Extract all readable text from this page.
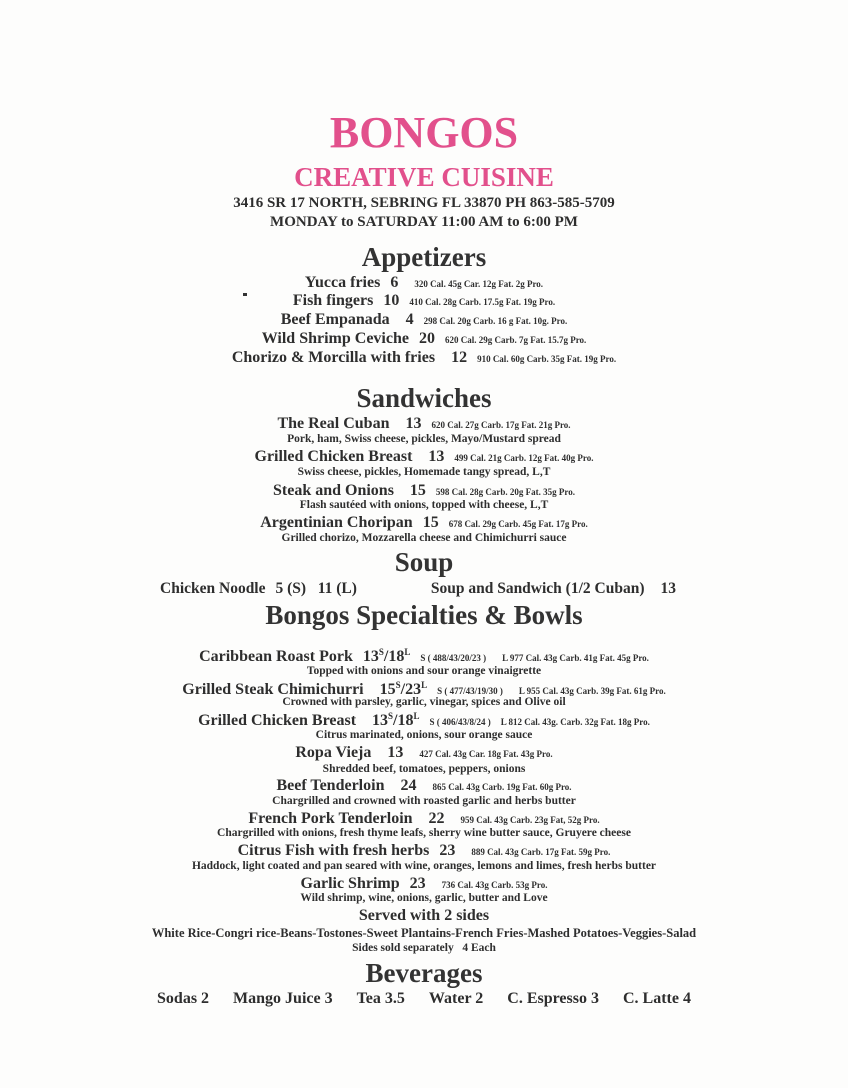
BONGOS
CREATIVE CUISINE
3416 SR 17 NORTH, SEBRING FL 33870 PH 863-585-5709
MONDAY to SATURDAY 11:00 AM to 6:00 PM
Appetizers
Yucca fries 6 320 Cal. 45g Car. 12g Fat. 2g Pro.
Fish fingers 10 410 Cal. 28g Carb. 17.5g Fat. 19g Pro.
Beef Empanada 4 298 Cal. 20g Carb. 16 g Fat. 10g. Pro.
Wild Shrimp Ceviche 20 620 Cal. 29g Carb. 7g Fat. 15.7g Pro.
Chorizo & Morcilla with fries 12 910 Cal. 60g Carb. 35g Fat. 19g Pro.
Sandwiches
The Real Cuban 13 620 Cal. 27g Carb. 17g Fat. 21g Pro.
Pork, ham, Swiss cheese, pickles, Mayo/Mustard spread
Grilled Chicken Breast 13 499 Cal. 21g Carb. 12g Fat. 40g Pro.
Swiss cheese, pickles, Homemade tangy spread, L,T
Steak and Onions 15 598 Cal. 28g Carb. 20g Fat. 35g Pro.
Flash sautéed with onions, topped with cheese, L,T
Argentinian Choripan 15 678 Cal. 29g Carb. 45g Fat. 17g Pro.
Grilled chorizo, Mozzarella cheese and Chimichurri sauce
Soup
Chicken Noodle 5 (S)   11 (L)	Soup and Sandwich (1/2 Cuban) 13
Bongos Specialties & Bowls
Caribbean Roast Pork $13^S/18^LS$ ( 488/43/20/23 ) L 977 Cal. 43g Carb. 41g Fat. 45g Pro.
Topped with onions and sour orange vinaigrette
Grilled Steak Chimichurri $15^S/23^LS$ ( 477/43/19/30 ) L 955 Cal. 43g Carb. 39g Fat. 61g Pro.
Crowned with parsley, garlic, vinegar, spices and Olive oil
Grilled Chicken Breast $13^S/18^LS$ ( 406/43/8/24 ) L 812 Cal. 43g. Carb. 32g Fat. 18g Pro.
Citrus marinated, onions, sour orange sauce
Ropa Vieja 13 427 Cal. 43g Car. 18g Fat. 43g Pro.
Shredded beef, tomatoes, peppers, onions
Beef Tenderloin 24 865 Cal. 43g Carb. 19g Fat. 60g Pro.
Chargrilled and crowned with roasted garlic and herbs butter
French Pork Tenderloin 22 959 Cal. 43g Carb. 23g Fat, 52g Pro.
Chargrilled with onions, fresh thyme leafs, sherry wine butter sauce, Gruyere cheese
Citrus Fish with fresh herbs 23 889 Cal. 43g Carb. 17g Fat. 59g Pro.
Haddock, light coated and pan seared with wine, oranges, lemons and limes, fresh herbs butter
Garlic Shrimp 23 736 Cal. 43g Carb. 53g Pro.
Wild shrimp, wine, onions, garlic, butter and Love
Served with 2 sides
White Rice-Congri rice-Beans-Tostones-Sweet Plantains-French Fries-Mashed Potatoes-Veggies-Salad
Sides sold separately   4 Each
Beverages
Sodas 2 Mango Juice 3 Tea 3.5 Water 2 C. Espresso 3 C. Latte 4
